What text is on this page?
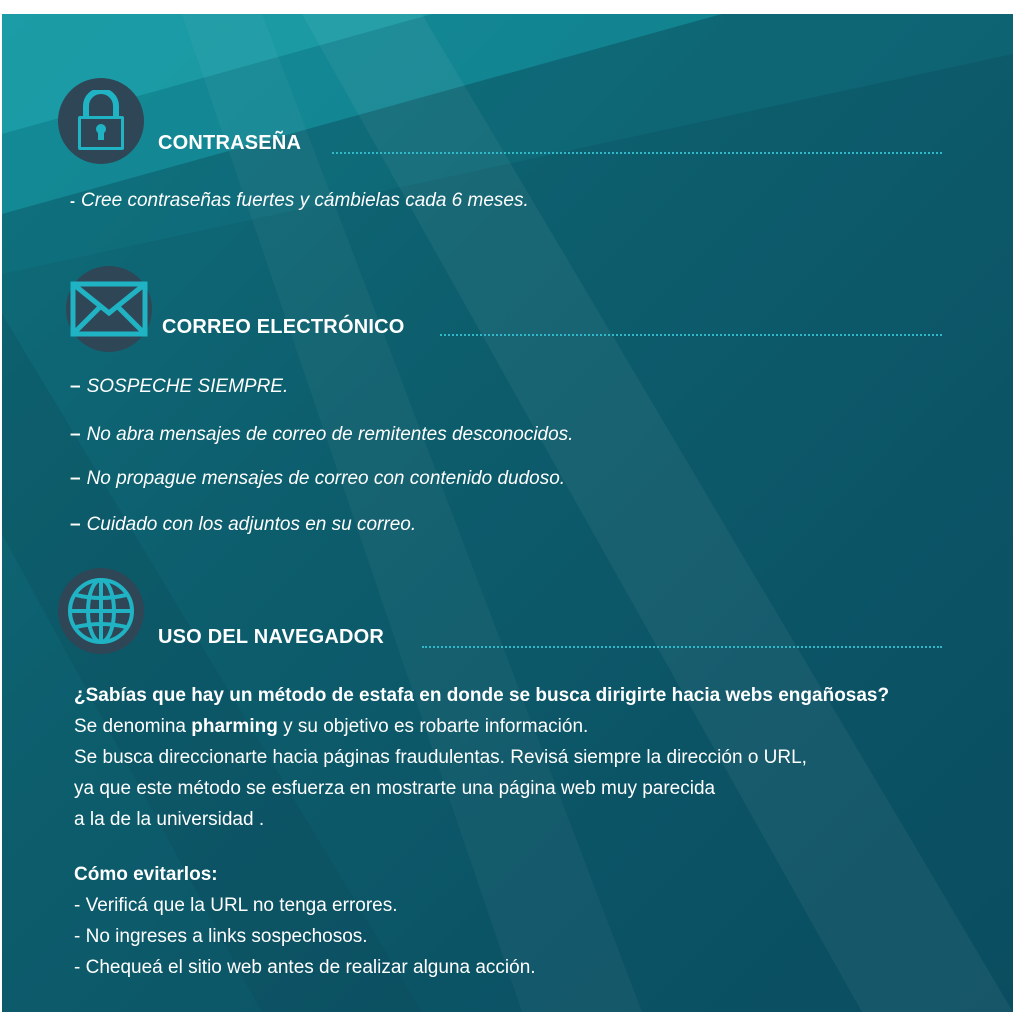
CONTRASEÑA
- Cree contraseñas fuertes y cámbielas cada 6 meses.
CORREO ELECTRÓNICO
– SOSPECHE SIEMPRE.
– No abra mensajes de correo de remitentes desconocidos.
– No propague mensajes de correo con contenido dudoso.
– Cuidado con los adjuntos en su correo.
USO DEL NAVEGADOR

¿Sabías que hay un método de estafa en donde se busca dirigirte hacia webs engañosas?

Se denomina pharming y su objetivo es robarte información.

Se busca direccionarte hacia páginas fraudulentas. Revisá siempre la dirección o URL,

ya que este método se esfuerza en mostrarte una página web muy parecida

a la de la universidad .

Cómo evitarlos:

- Verificá que la URL no tenga errores.

- No ingreses a links sospechosos.

- Chequeá el sitio web antes de realizar alguna acción.
